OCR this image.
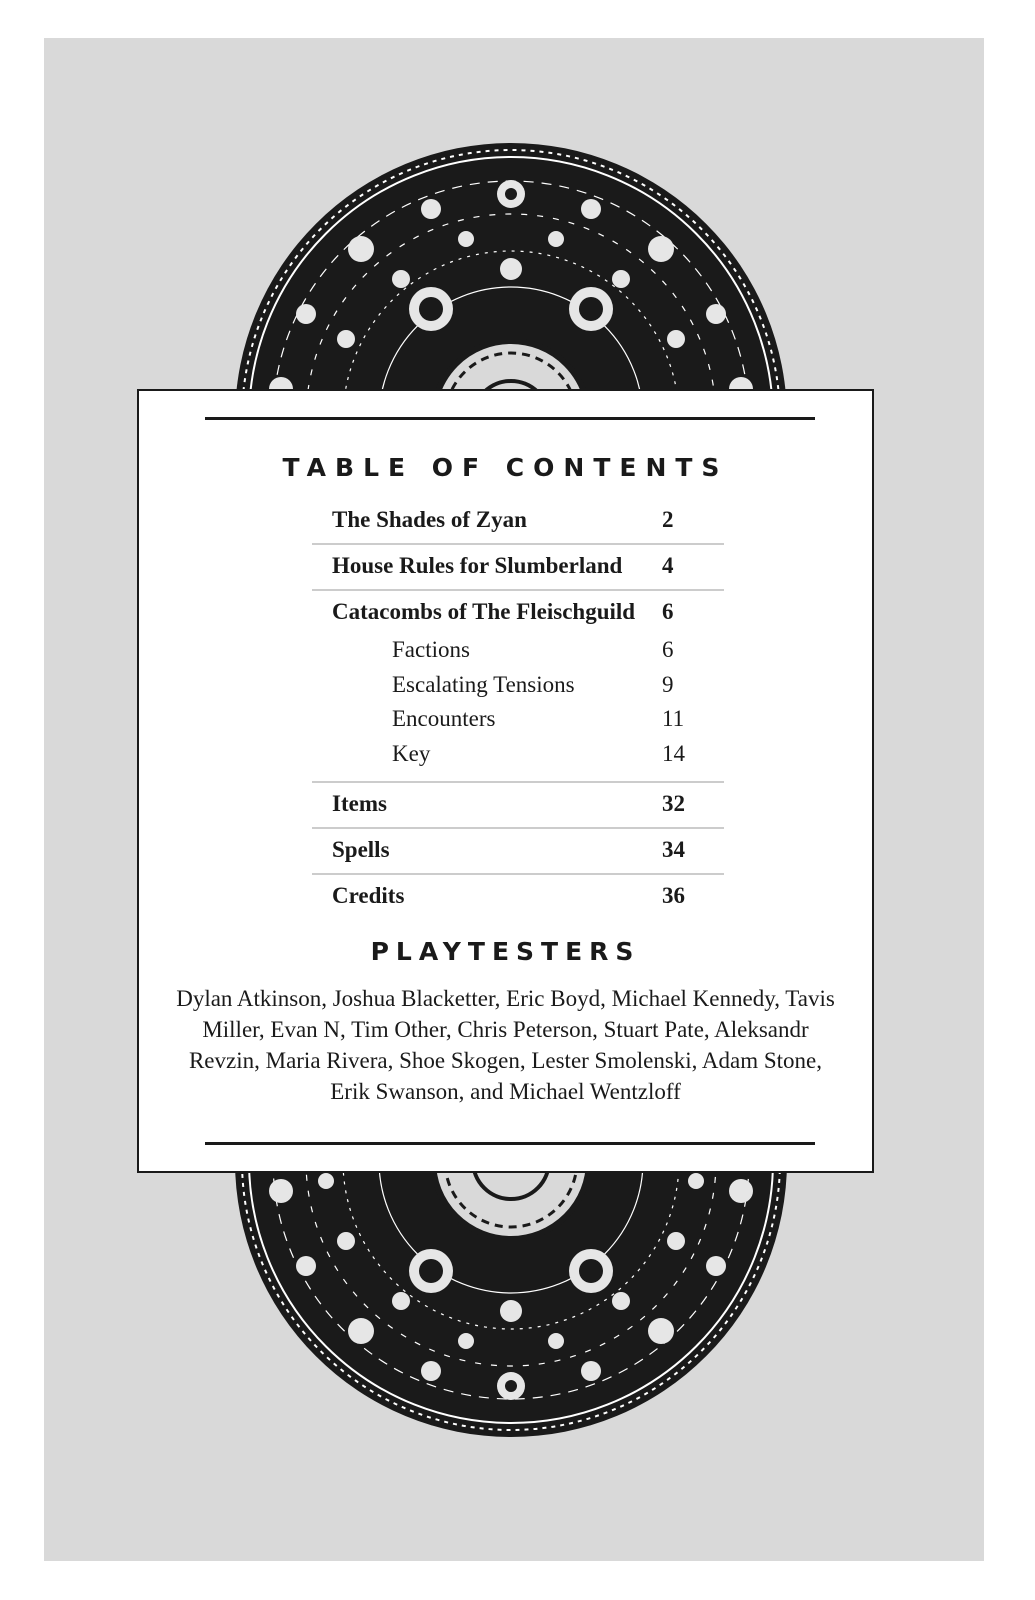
TABLE OF CONTENTS
The Shades of Zyan	2
House Rules for Slumberland 4
Catacombs of The Fleischguild 6
Factions	6
Escalating Tensions	9
Encounters	11
Key	14
Items	32
Spells	34
Credits	36
PLAYTESTERS

Dylan Atkinson, Joshua Blacketter, Eric Boyd, Michael Kennedy, Tavis Miller, Evan N, Tim Other, Chris Peterson, Stuart Pate, Aleksandr Revzin, Maria Rivera, Shoe Skogen, Lester Smolenski, Adam Stone, Erik Swanson, and Michael Wentzloff
